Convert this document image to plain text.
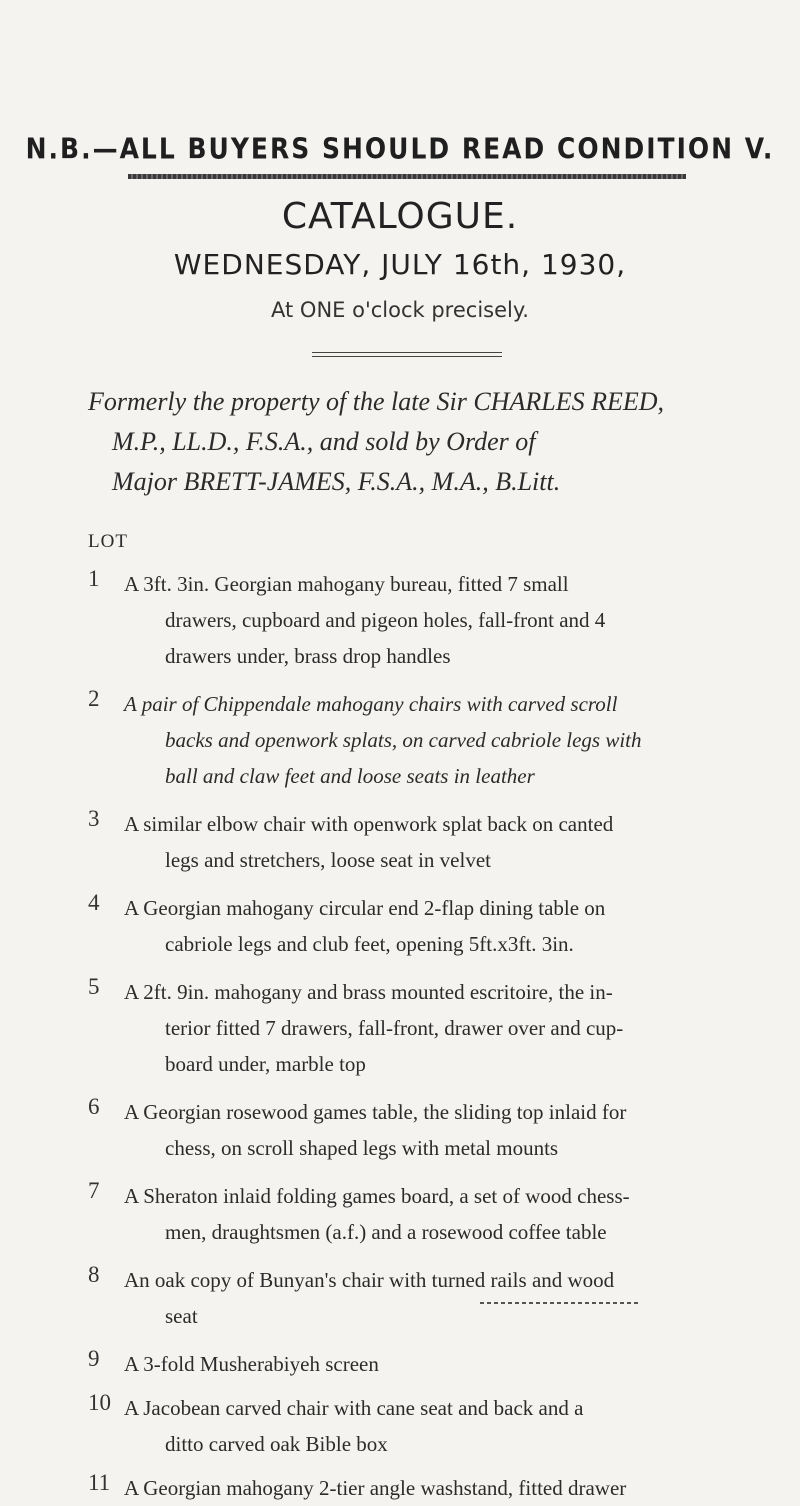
N.B.—ALL BUYERS SHOULD READ CONDITION V.
CATALOGUE.
WEDNESDAY, JULY 16th, 1930,
At ONE o'clock precisely.
Formerly the property of the late Sir CHARLES REED,
M.P., LL.D., F.S.A., and sold by Order of
Major BRETT-JAMES, F.S.A., M.A., B.Litt.
LOT
1	A 3ft. 3in. Georgian mahogany bureau, fitted 7 small
drawers, cupboard and pigeon holes, fall-front and 4
drawers under, brass drop handles
2	A pair of Chippendale mahogany chairs with carved scroll
backs and openwork splats, on carved cabriole legs with
ball and claw feet and loose seats in leather
3	A similar elbow chair with openwork splat back on canted
legs and stretchers, loose seat in velvet
4	A Georgian mahogany circular end 2-flap dining table on
cabriole legs and club feet, opening 5ft.x3ft. 3in.
5	A 2ft. 9in. mahogany and brass mounted escritoire, the in-
terior fitted 7 drawers, fall-front, drawer over and cup-
board under, marble top
6	A Georgian rosewood games table, the sliding top inlaid for
chess, on scroll shaped legs with metal mounts
7	A Sheraton inlaid folding games board, a set of wood chess-
men, draughtsmen (a.f.) and a rosewood coffee table
8	An oak copy of Bunyan's chair with turned rails and wood
seat
9	A 3-fold Musherabiyeh screen
10 A Jacobean carved chair with cane seat and back and a
ditto carved oak Bible box
11 A Georgian mahogany 2-tier angle washstand, fitted drawer
